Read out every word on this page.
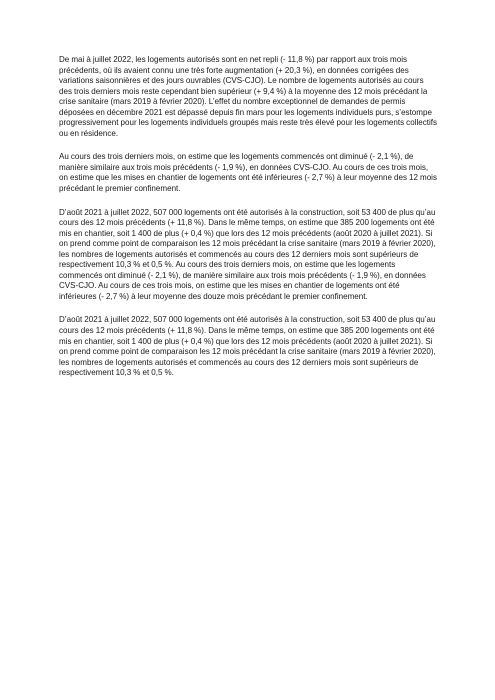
De mai à juillet 2022, les logements autorisés sont en net repli (- 11,8 %) par rapport aux trois mois précédents, où ils avaient connu une très forte augmentation (+ 20,3 %), en données corrigées des variations saisonnières et des jours ouvrables (CVS-CJO). Le nombre de logements autorisés au cours des trois derniers mois reste cependant bien supérieur (+ 9,4 %) à la moyenne des 12 mois précédant la crise sanitaire (mars 2019 à février 2020). L’effet du nombre exceptionnel de demandes de permis déposées en décembre 2021 est dépassé depuis fin mars pour les logements individuels purs, s’estompe progressivement pour les logements individuels groupés mais reste très élevé pour les logements collectifs ou en résidence.

Au cours des trois derniers mois, on estime que les logements commencés ont diminué (- 2,1 %), de manière similaire aux trois mois précédents (- 1,9 %), en données CVS-CJO. Au cours de ces trois mois, on estime que les mises en chantier de logements ont été inférieures (- 2,7 %) à leur moyenne des 12 mois précédant le premier confinement.

D’août 2021 à juillet 2022, 507 000 logements ont été autorisés à la construction, soit 53 400 de plus qu’au cours des 12 mois précédents (+ 11,8 %). Dans le même temps, on estime que 385 200 logements ont été mis en chantier, soit 1 400 de plus (+ 0,4 %) que lors des 12 mois précédents (août 2020 à juillet 2021). Si on prend comme point de comparaison les 12 mois précédant la crise sanitaire (mars 2019 à février 2020), les nombres de logements autorisés et commencés au cours des 12 derniers mois sont supérieurs de respectivement 10,3 % et 0,5 %. Au cours des trois derniers mois, on estime que les logements commencés ont diminué (- 2,1 %), de manière similaire aux trois mois précédents (- 1,9 %), en données CVS-CJO. Au cours de ces trois mois, on estime que les mises en chantier de logements ont été inférieures (- 2,7 %) à leur moyenne des douze mois précédant le premier confinement.

D’août 2021 à juillet 2022, 507 000 logements ont été autorisés à la construction, soit 53 400 de plus qu’au cours des 12 mois précédents (+ 11,8 %). Dans le même temps, on estime que 385 200 logements ont été mis en chantier, soit 1 400 de plus (+ 0,4 %) que lors des 12 mois précédents (août 2020 à juillet 2021). Si on prend comme point de comparaison les 12 mois précédant la crise sanitaire (mars 2019 à février 2020), les nombres de logements autorisés et commencés au cours des 12 derniers mois sont supérieurs de respectivement 10,3 % et 0,5 %.
